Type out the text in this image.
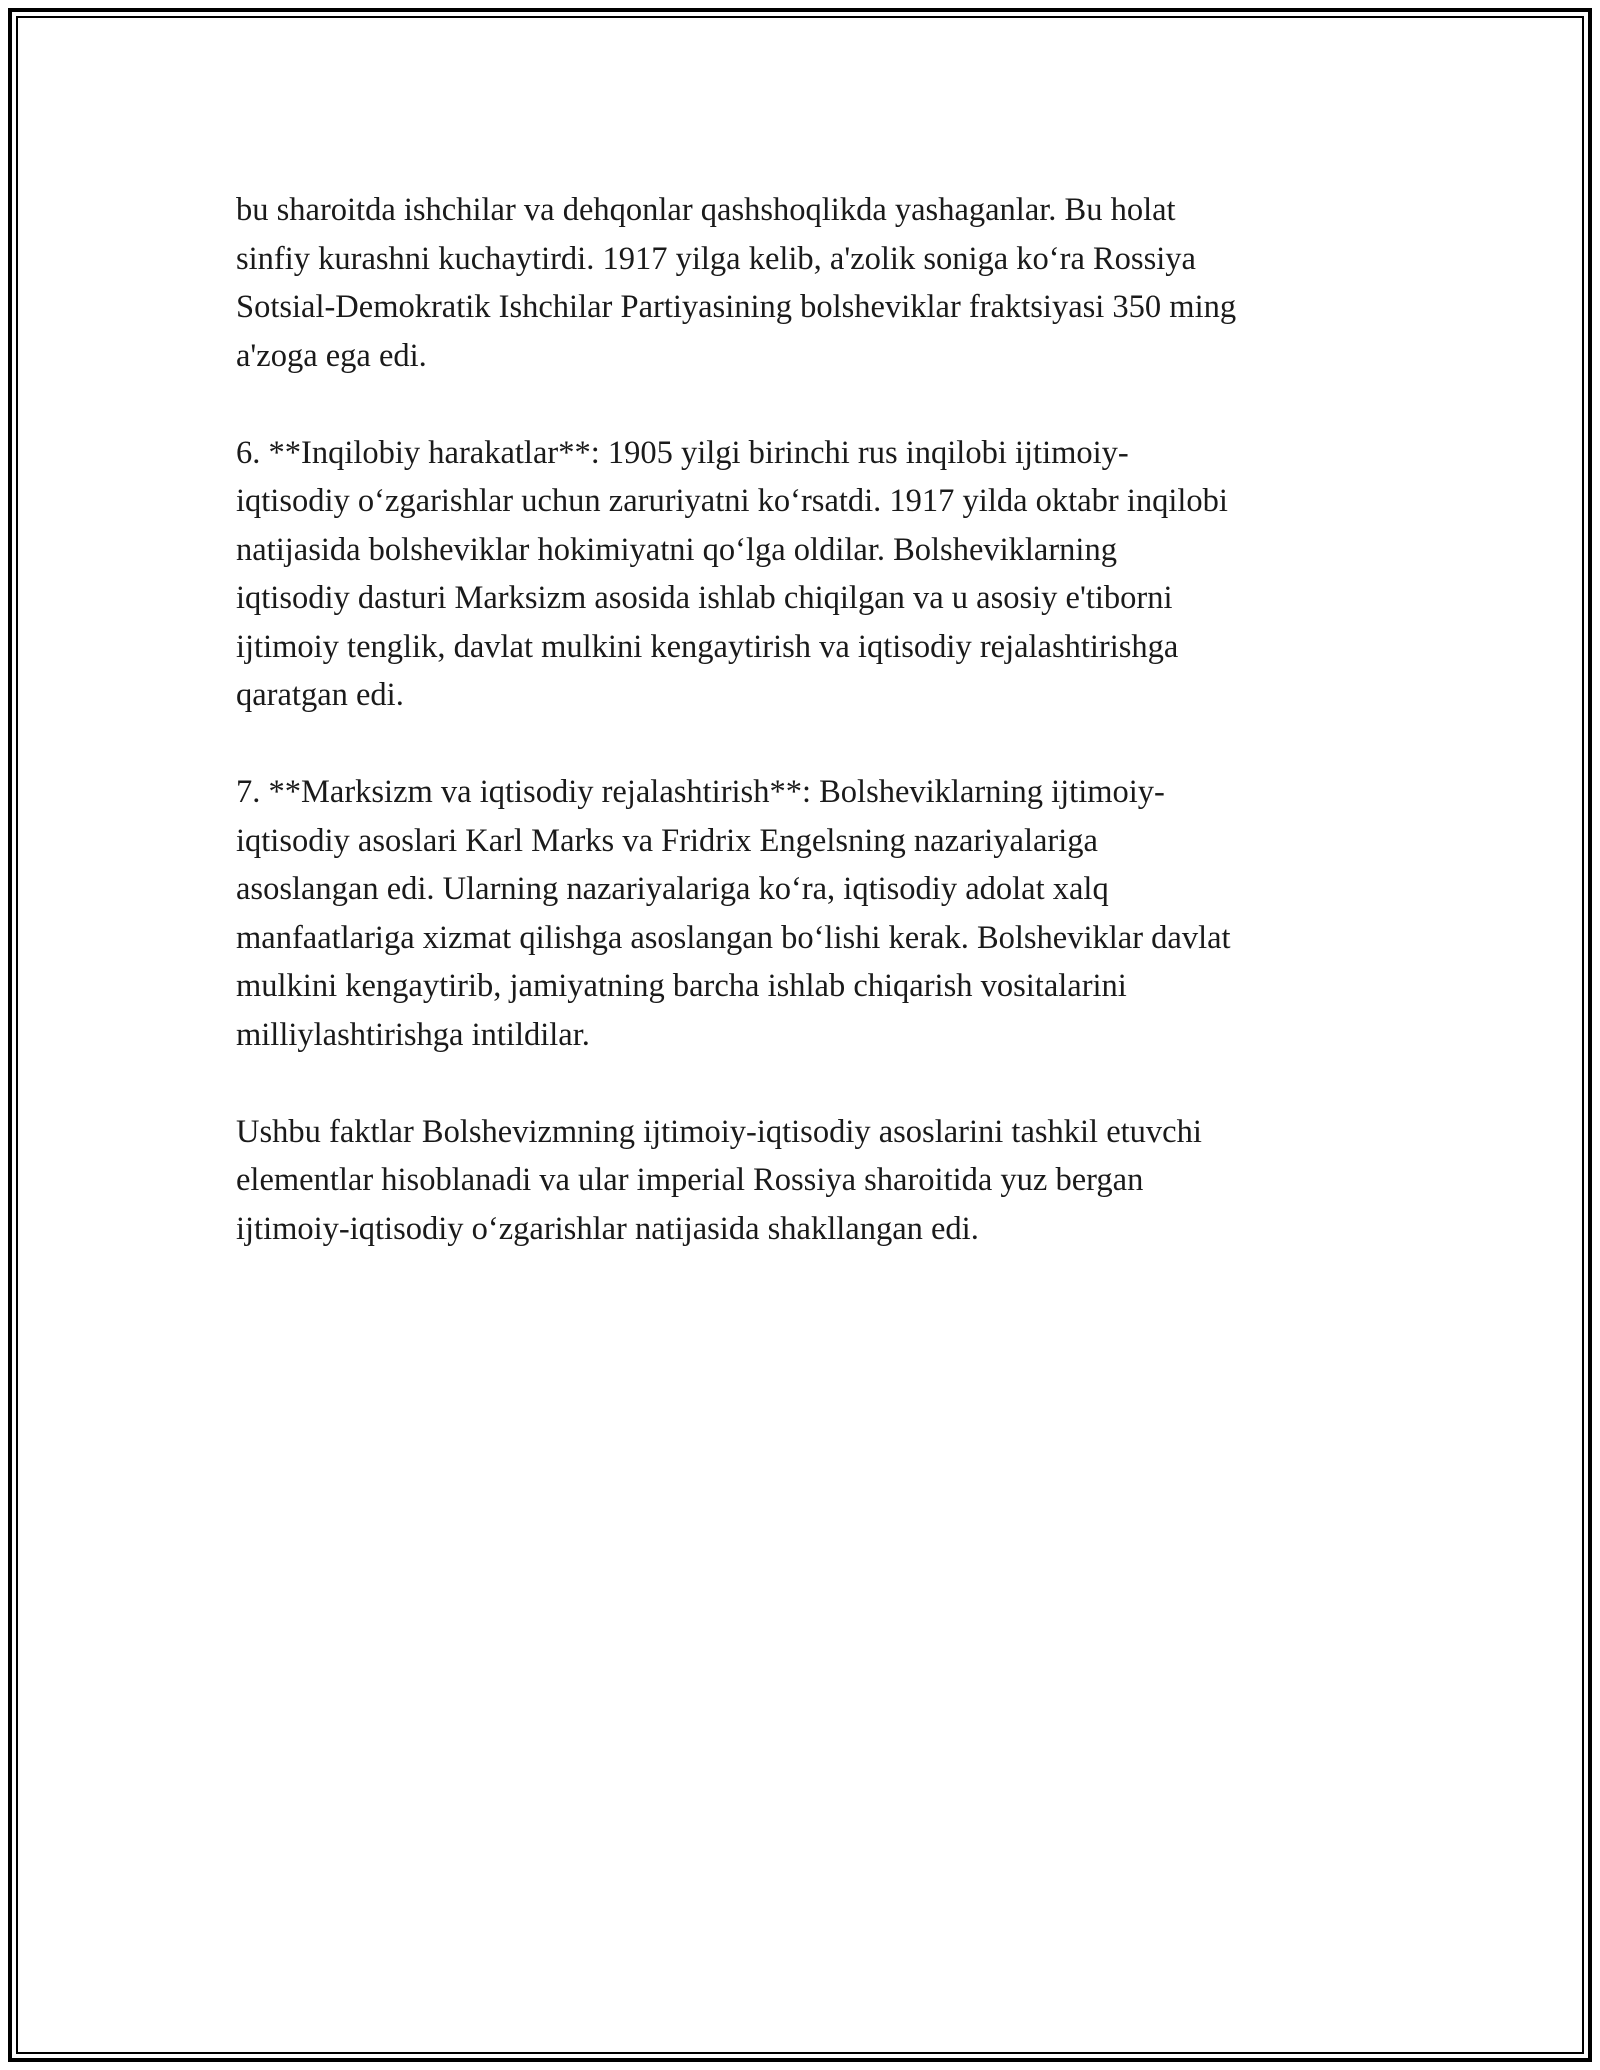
bu sharoitda ishchilar va dehqonlar qashshoqlikda yashaganlar. Bu holat
sinfiy kurashni kuchaytirdi. 1917 yilga kelib, a'zolik soniga ko‘ra Rossiya
Sotsial-Demokratik Ishchilar Partiyasining bolsheviklar fraktsiyasi 350 ming
a'zoga ega edi.

6. **Inqilobiy harakatlar**: 1905 yilgi birinchi rus inqilobi ijtimoiy-
iqtisodiy o‘zgarishlar uchun zaruriyatni ko‘rsatdi. 1917 yilda oktabr inqilobi
natijasida bolsheviklar hokimiyatni qo‘lga oldilar. Bolsheviklarning
iqtisodiy dasturi Marksizm asosida ishlab chiqilgan va u asosiy e'tiborni
ijtimoiy tenglik, davlat mulkini kengaytirish va iqtisodiy rejalashtirishga
qaratgan edi.

7. **Marksizm va iqtisodiy rejalashtirish**: Bolsheviklarning ijtimoiy-
iqtisodiy asoslari Karl Marks va Fridrix Engelsning nazariyalariga
asoslangan edi. Ularning nazariyalariga ko‘ra, iqtisodiy adolat xalq
manfaatlariga xizmat qilishga asoslangan bo‘lishi kerak. Bolsheviklar davlat
mulkini kengaytirib, jamiyatning barcha ishlab chiqarish vositalarini
milliylashtirishga intildilar.

Ushbu faktlar Bolshevizmning ijtimoiy-iqtisodiy asoslarini tashkil etuvchi
elementlar hisoblanadi va ular imperial Rossiya sharoitida yuz bergan
ijtimoiy-iqtisodiy o‘zgarishlar natijasida shakllangan edi.
